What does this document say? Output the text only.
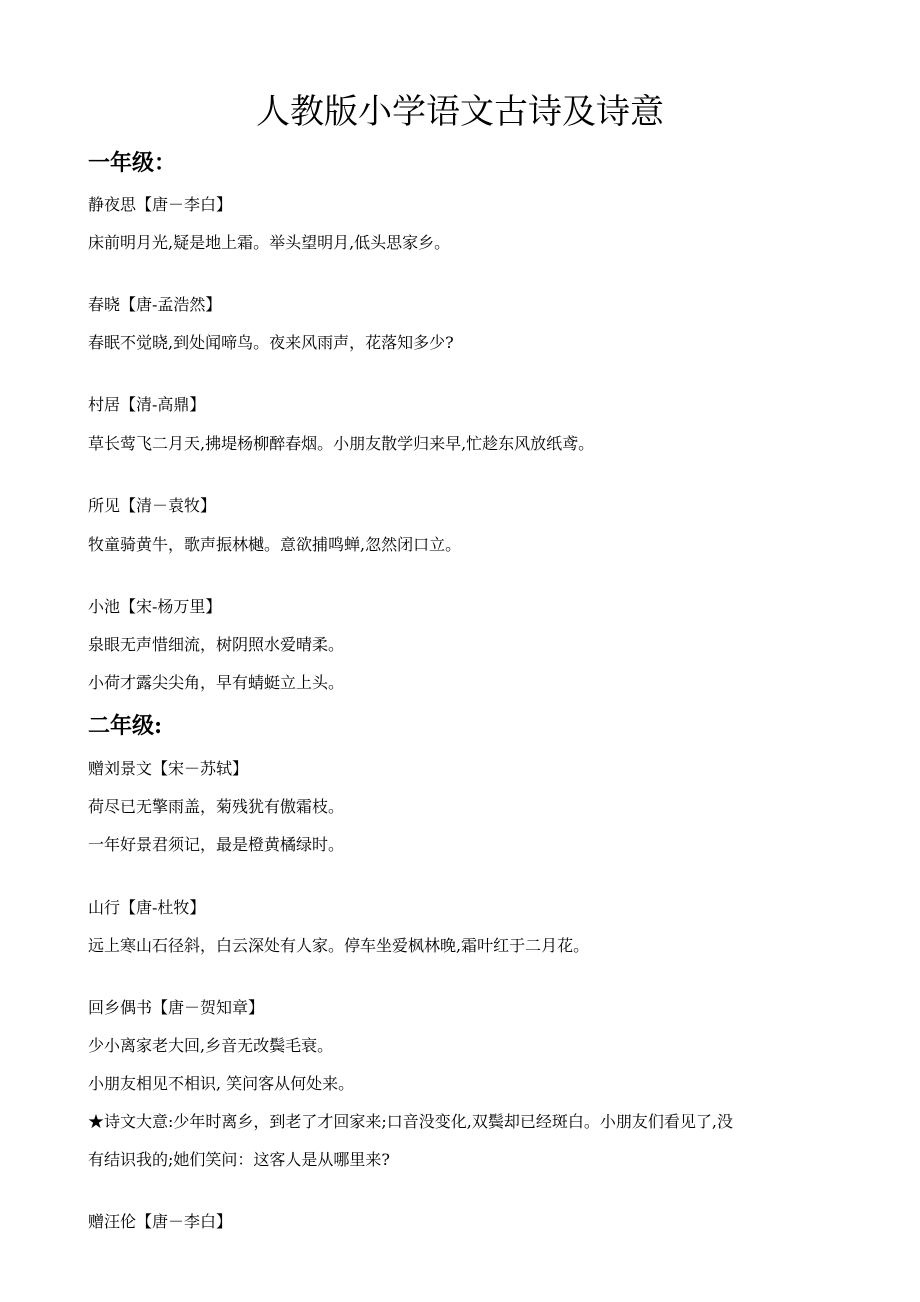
人教版小学语文古诗及诗意
一年级：
静夜思【唐－李白】
床前明月光,疑是地上霜。举头望明月,低头思家乡。
春晓【唐-孟浩然】
春眠不觉晓,到处闻啼鸟。夜来风雨声，花落知多少?
村居【清-高鼎】
草长莺飞二月天,拂堤杨柳醉春烟。小朋友散学归来早,忙趁东风放纸鸢。
所见【清－袁牧】
牧童骑黄牛，歌声振林樾。意欲捕鸣蝉,忽然闭口立。
小池【宋-杨万里】
泉眼无声惜细流，树阴照水爱晴柔。
小荷才露尖尖角，早有蜻蜓立上头。
二年级:
赠刘景文【宋－苏轼】
荷尽已无擎雨盖，菊残犹有傲霜枝。
一年好景君须记，最是橙黄橘绿时。
山行【唐-杜牧】
远上寒山石径斜，白云深处有人家。停车坐爱枫林晚,霜叶红于二月花。
回乡偶书【唐－贺知章】
少小离家老大回,乡音无改鬓毛衰。
小朋友相见不相识, 笑问客从何处来。
★诗文大意:少年时离乡，到老了才回家来;口音没变化,双鬓却已经斑白。小朋友们看见了,没
有结识我的;她们笑问：这客人是从哪里来?
赠汪伦【唐－李白】
